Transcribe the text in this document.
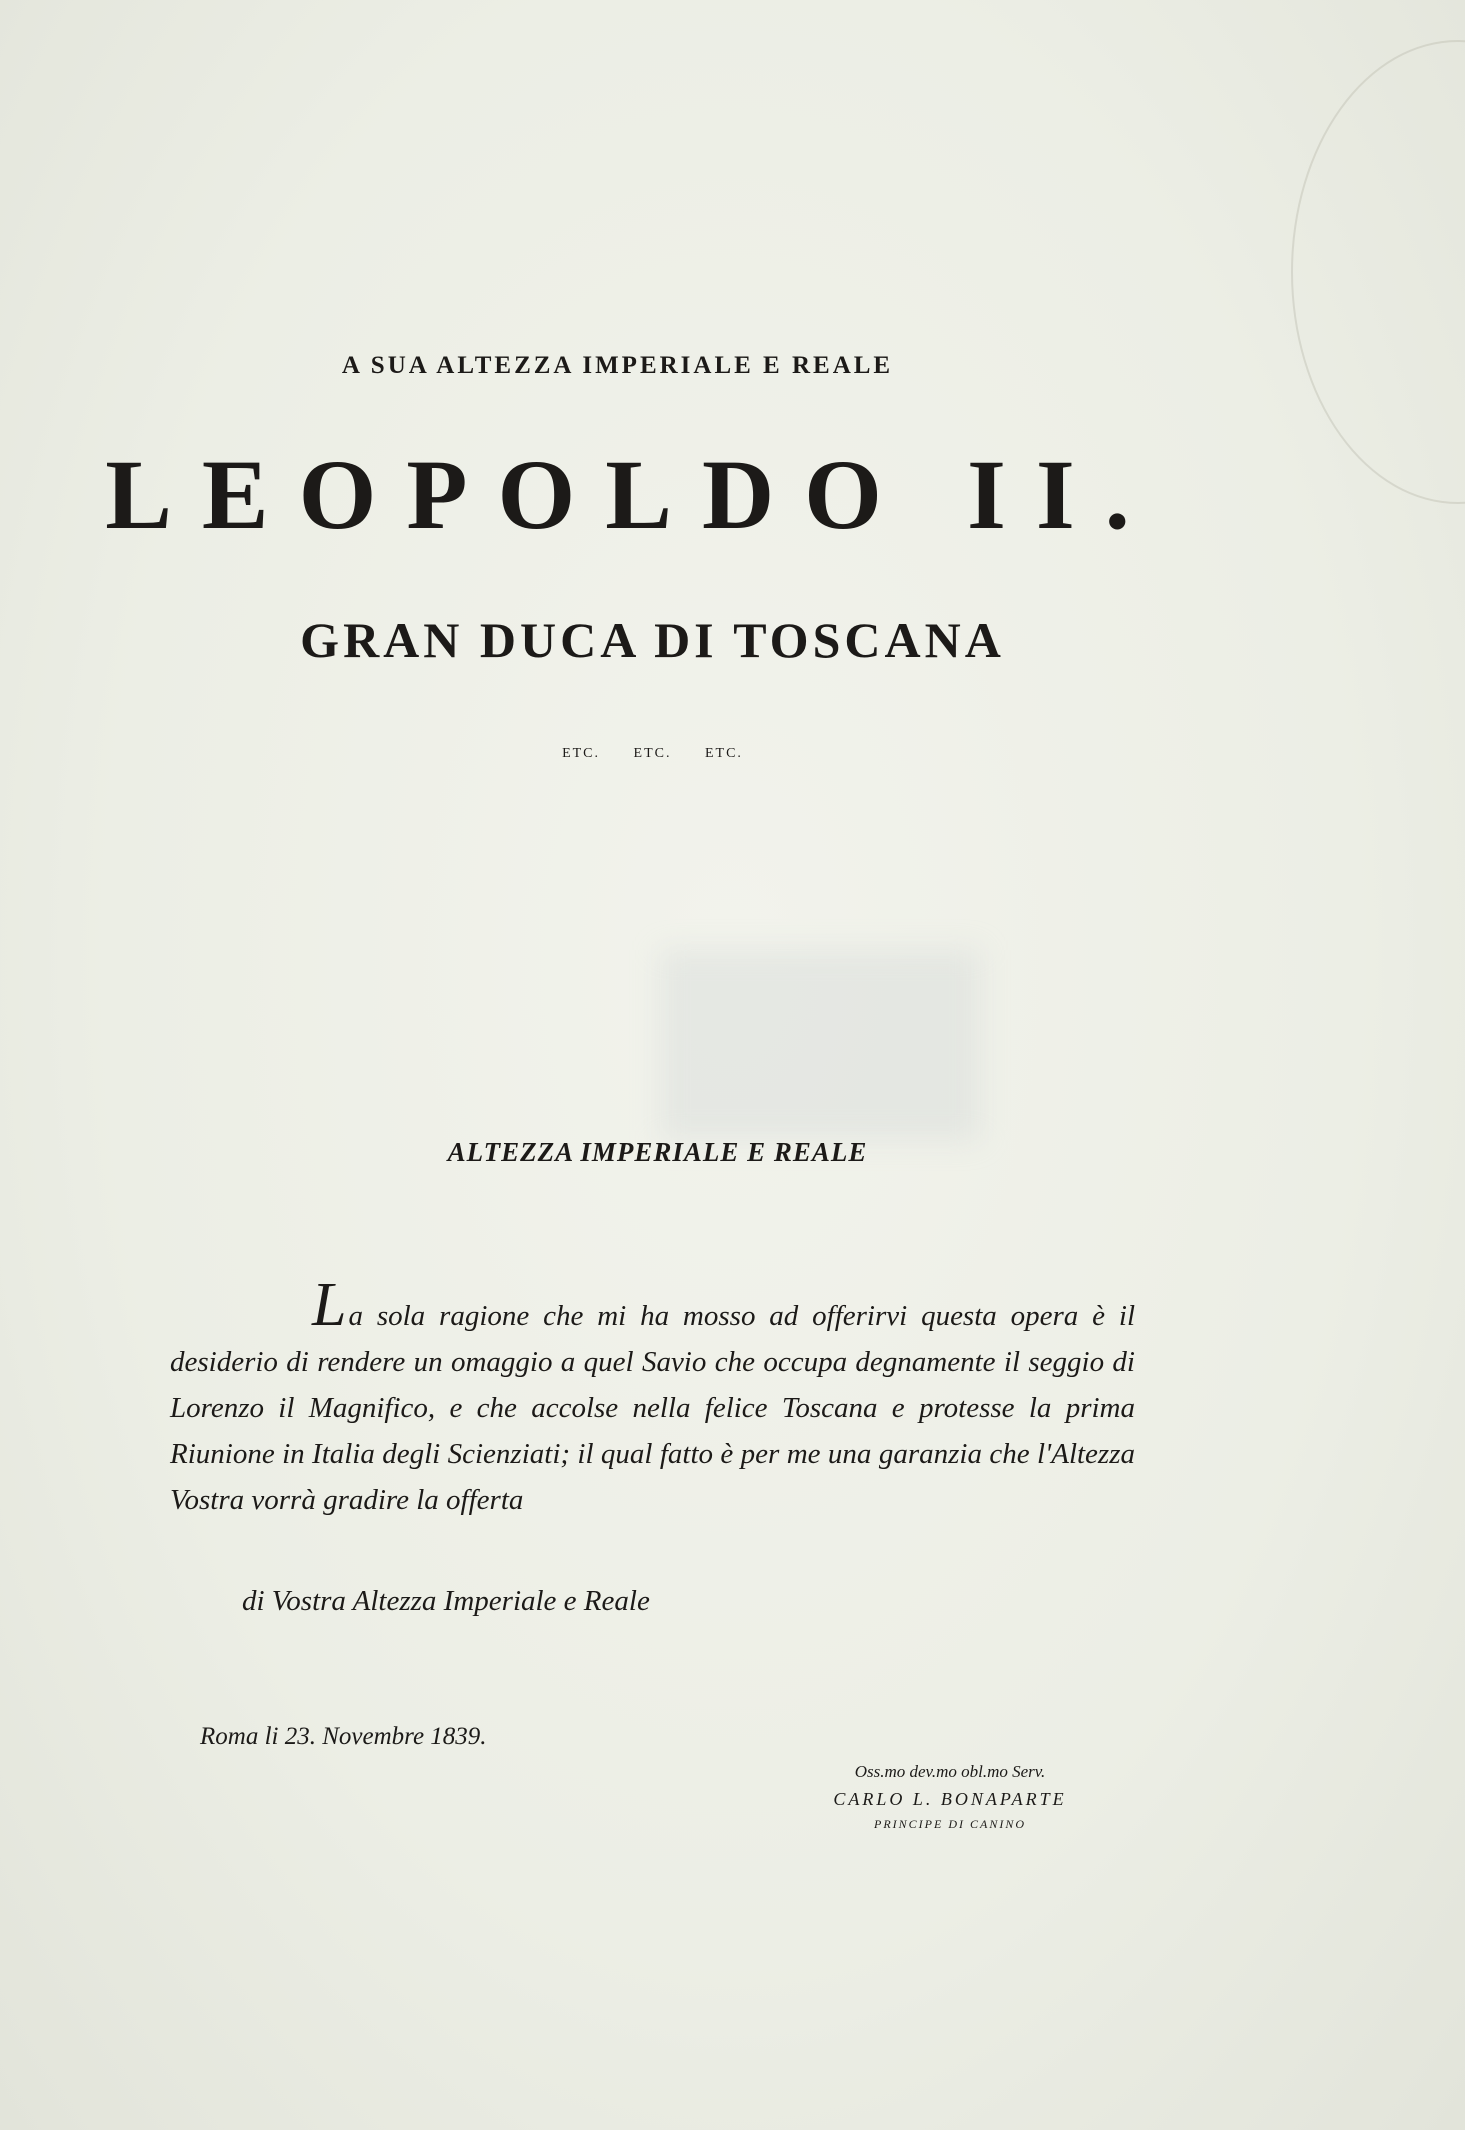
A SUA ALTEZZA IMPERIALE E REALE
LEOPOLDO II.
GRAN DUCA DI TOSCANA
ETC. ETC. ETC.
ALTEZZA IMPERIALE E REALE
La sola ragione che mi ha mosso ad offerirvi questa opera è il desiderio di rendere un omaggio a quel Savio che occupa degnamente il seggio di Lorenzo il Magnifico, e che accolse nella felice Toscana e protesse la prima Riunione in Italia degli Scienziati; il qual fatto è per me una garanzia che l'Altezza Vostra vorrà gradire la offerta
di Vostra Altezza Imperiale e Reale
Roma li 23. Novembre 1839.
Oss.mo dev.mo obl.mo Serv.
CARLO L. BONAPARTE
PRINCIPE DI CANINO
